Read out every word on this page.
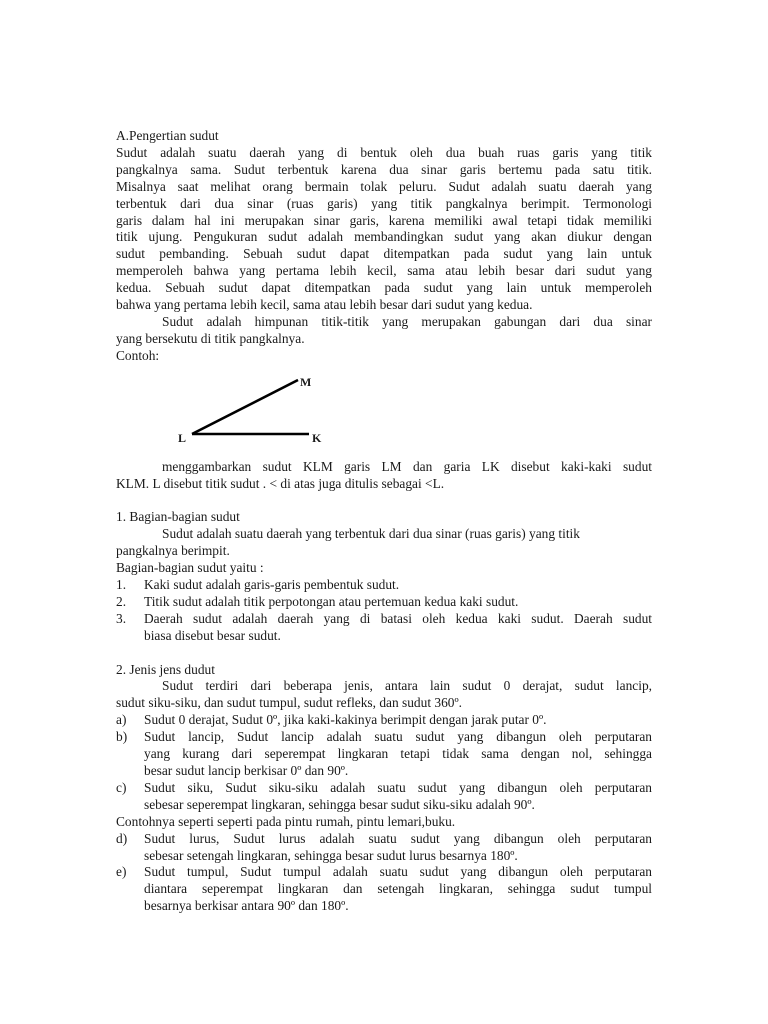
A.Pengertian sudut
Sudut adalah suatu daerah yang di bentuk oleh dua buah ruas garis yang titik
pangkalnya sama. Sudut terbentuk karena dua sinar garis bertemu pada satu titik.
Misalnya saat melihat orang bermain tolak peluru. Sudut adalah suatu daerah yang
terbentuk dari dua sinar (ruas garis) yang titik pangkalnya berimpit. Termonologi
garis dalam hal ini merupakan sinar garis, karena memiliki awal tetapi tidak memiliki
titik ujung. Pengukuran sudut adalah membandingkan sudut yang akan diukur dengan
sudut pembanding. Sebuah sudut dapat ditempatkan pada sudut yang lain untuk
memperoleh bahwa yang pertama lebih kecil, sama atau lebih besar dari sudut yang
kedua. Sebuah sudut dapat ditempatkan pada sudut yang lain untuk memperoleh
bahwa yang pertama lebih kecil, sama atau lebih besar dari sudut yang kedua.
Sudut adalah himpunan titik-titik yang merupakan gabungan dari dua sinar
yang bersekutu di titik pangkalnya.
Contoh:
M
L	K
menggambarkan sudut KLM garis LM dan garia LK disebut kaki-kaki sudut
KLM. L disebut titik sudut . < di atas juga ditulis sebagai <L.
1. Bagian-bagian sudut
Sudut adalah suatu daerah yang terbentuk dari dua sinar (ruas garis) yang titik
pangkalnya berimpit.
Bagian-bagian sudut yaitu :
1.	Kaki sudut adalah garis-garis pembentuk sudut.
2.	Titik sudut adalah titik perpotongan atau pertemuan kedua kaki sudut.
3.	Daerah sudut adalah daerah yang di batasi oleh kedua kaki sudut. Daerah sudut
biasa disebut besar sudut.
2. Jenis jens dudut
Sudut terdiri dari beberapa jenis, antara lain sudut 0 derajat, sudut lancip,
sudut siku-siku, dan sudut tumpul, sudut refleks, dan sudut 360º.
a)	Sudut 0 derajat, Sudut 0º, jika kaki-kakinya berimpit dengan jarak putar 0º.
b)	Sudut lancip, Sudut lancip adalah suatu sudut yang dibangun oleh perputaran
yang kurang dari seperempat lingkaran tetapi tidak sama dengan nol, sehingga
besar sudut lancip berkisar 0º dan 90º.
c)	Sudut siku, Sudut siku-siku adalah suatu sudut yang dibangun oleh perputaran
sebesar seperempat lingkaran, sehingga besar sudut siku-siku adalah 90º.
Contohnya seperti seperti pada pintu rumah, pintu lemari,buku.
d)	Sudut lurus, Sudut lurus adalah suatu sudut yang dibangun oleh perputaran
sebesar setengah lingkaran, sehingga besar sudut lurus besarnya 180º.
e)	Sudut tumpul, Sudut tumpul adalah suatu sudut yang dibangun oleh perputaran
diantara seperempat lingkaran dan setengah lingkaran, sehingga sudut tumpul
besarnya berkisar antara 90º dan 180º.
